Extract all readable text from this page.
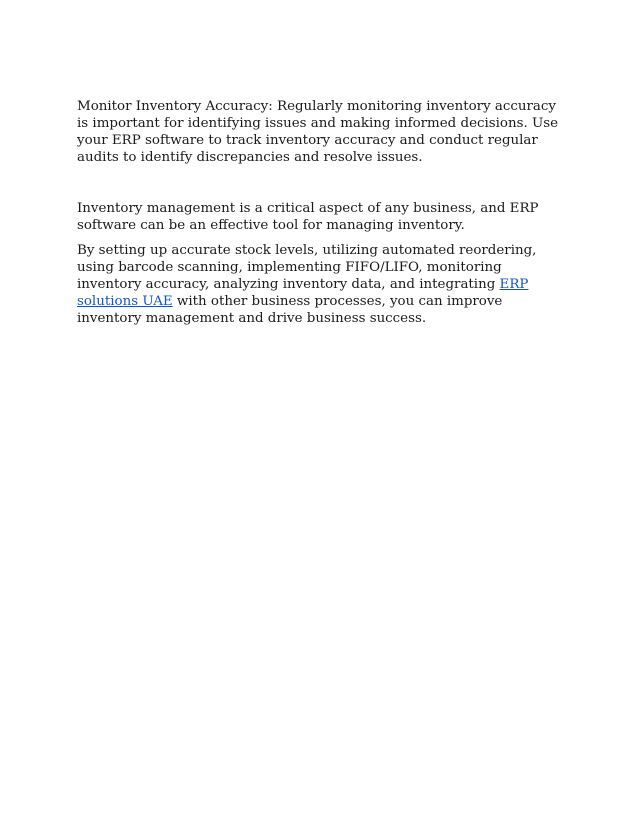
Monitor Inventory Accuracy: Regularly monitoring inventory accuracy is important for identifying issues and making informed decisions. Use your ERP software to track inventory accuracy and conduct regular audits to identify discrepancies and resolve issues.

Inventory management is a critical aspect of any business, and ERP software can be an effective tool for managing inventory.

By setting up accurate stock levels, utilizing automated reordering, using barcode scanning, implementing FIFO/LIFO, monitoring inventory accuracy, analyzing inventory data, and integrating ERP solutions UAE with other business processes, you can improve inventory management and drive business success.
